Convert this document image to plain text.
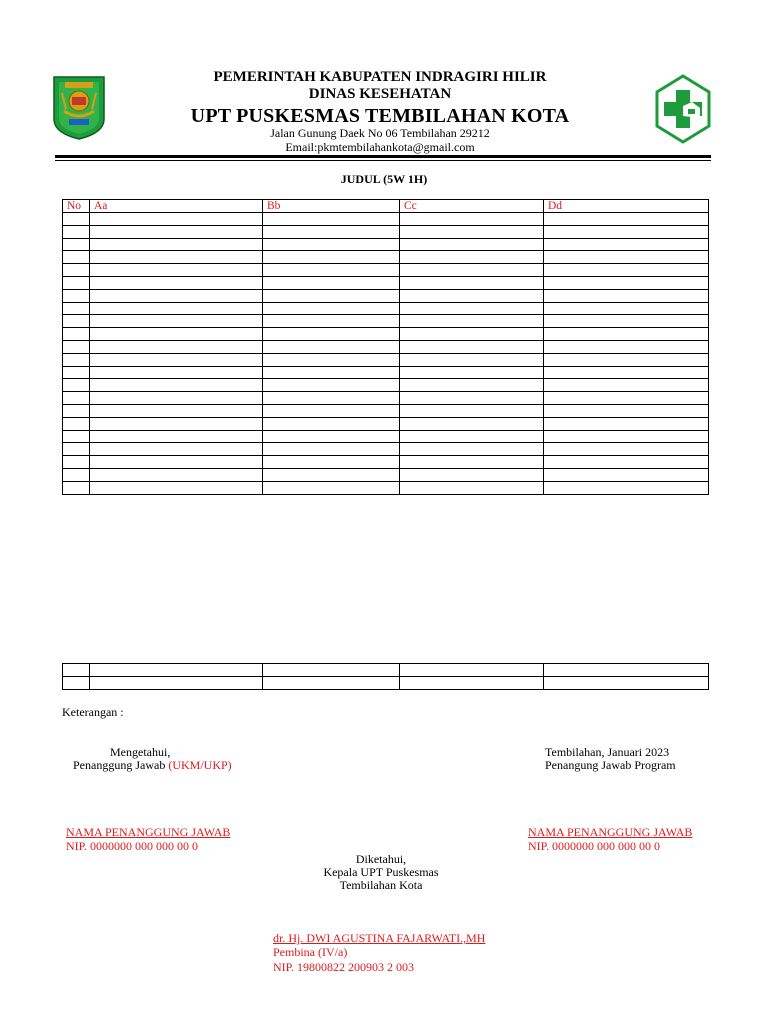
PEMERINTAH KABUPATEN INDRAGIRI HILIR
DINAS KESEHATAN
UPT PUSKESMAS TEMBILAHAN KOTA
Jalan Gunung Daek No 06 Tembilahan 29212
Email:pkmtembilahankota@gmail.com
JUDUL (5W 1H)
No	Aa	Bb	Cc	Dd

Keterangan :
Mengetahui,
Penanggung Jawab (UKM/UKP)
NAMA PENANGGUNG JAWAB
NIP. 0000000 000 000 00 0
Tembilahan, Januari 2023
Penangung Jawab Program
NAMA PENANGGUNG JAWAB
NIP. 0000000 000 000 00 0
Diketahui,
Kepala UPT Puskesmas
Tembilahan Kota
dr. Hj. DWI AGUSTINA FAJARWATI.,MH
Pembina (IV/a)
NIP. 19800822 200903 2 003
